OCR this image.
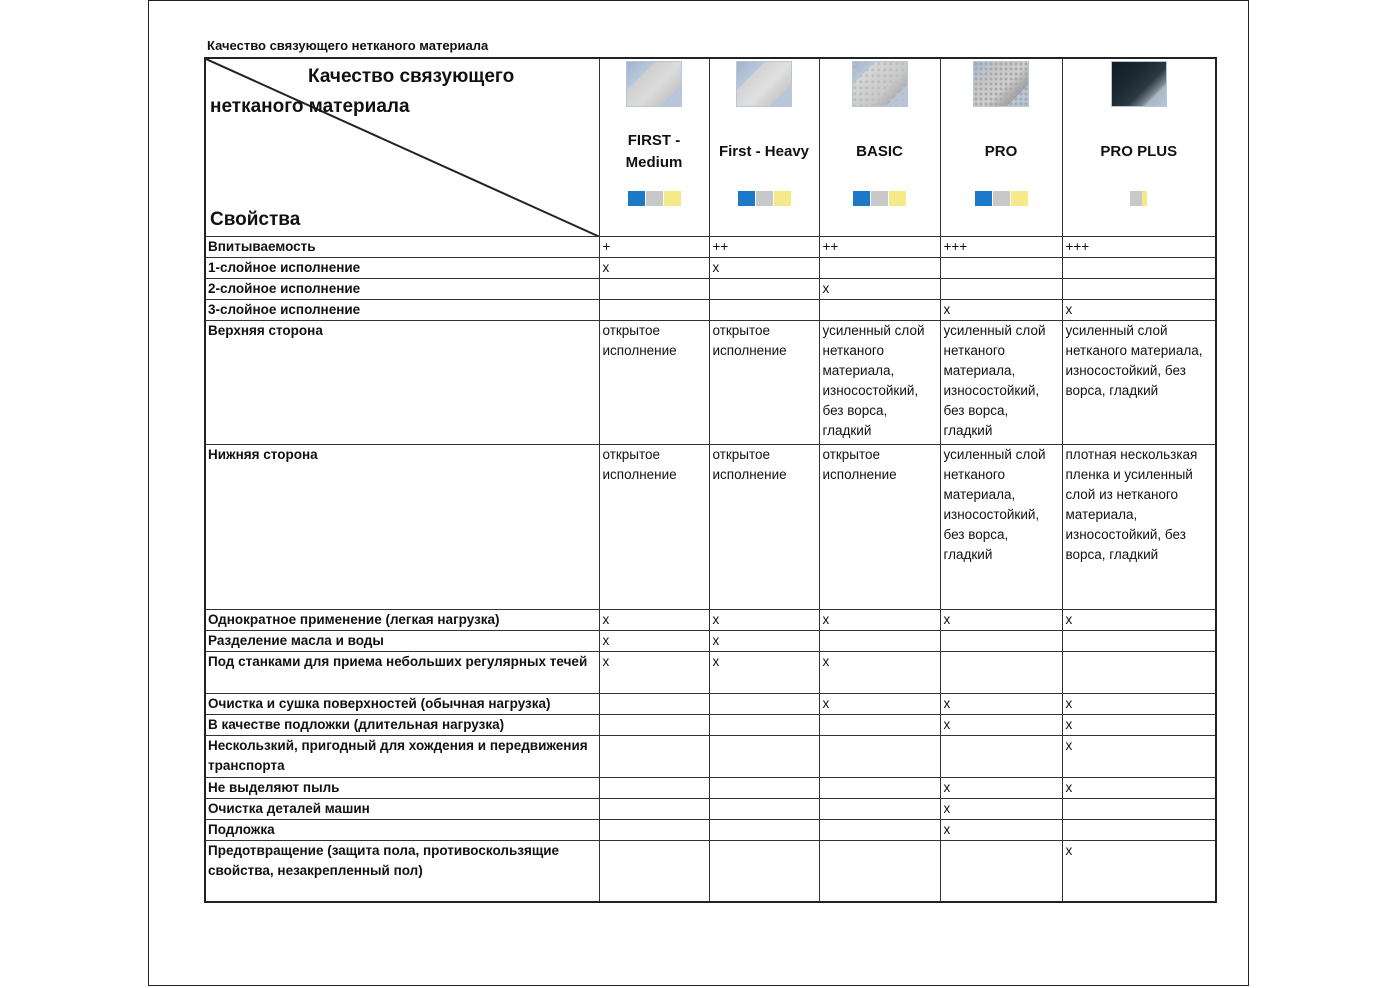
Качество связующего нетканого материала
Качество связующего
нетканого материала
Свойства	FIRST - Medium	First - Heavy	BASIC	PRO	PRO PLUS

Впитываемость	+	++	++	+++	+++
1-слойное исполнение	x	x			
2-слойное исполнение			x		
3-слойное исполнение				x	x
Верхняя сторона	открытое исполнение	открытое исполнение	усиленный слой нетканого материала, износостойкий, без ворса, гладкий	усиленный слой нетканого материала, износостойкий, без ворса, гладкий	усиленный слой нетканого материала, износостойкий, без ворса, гладкий
Нижняя сторона	открытое исполнение	открытое исполнение	открытое исполнение	усиленный слой нетканого материала, износостойкий, без ворса, гладкий	плотная нескользкая пленка и усиленный слой из нетканого материала, износостойкий, без ворса, гладкий
Однократное применение (легкая нагрузка)	x	x	x	x	x
Разделение масла и воды	x	x			
Под станками для приема небольших регулярных течей	x	x	x		
Очистка и сушка поверхностей (обычная нагрузка)			x	x	x
В качестве подложки (длительная нагрузка)				x	x
Нескользкий, пригодный для хождения и передвижения транспорта					x
Не выделяют пыль				x	x
Очистка деталей машин				x	
Подложка				x	
Предотвращение (защита пола, противоскользящие свойства, незакрепленный пол)					x
